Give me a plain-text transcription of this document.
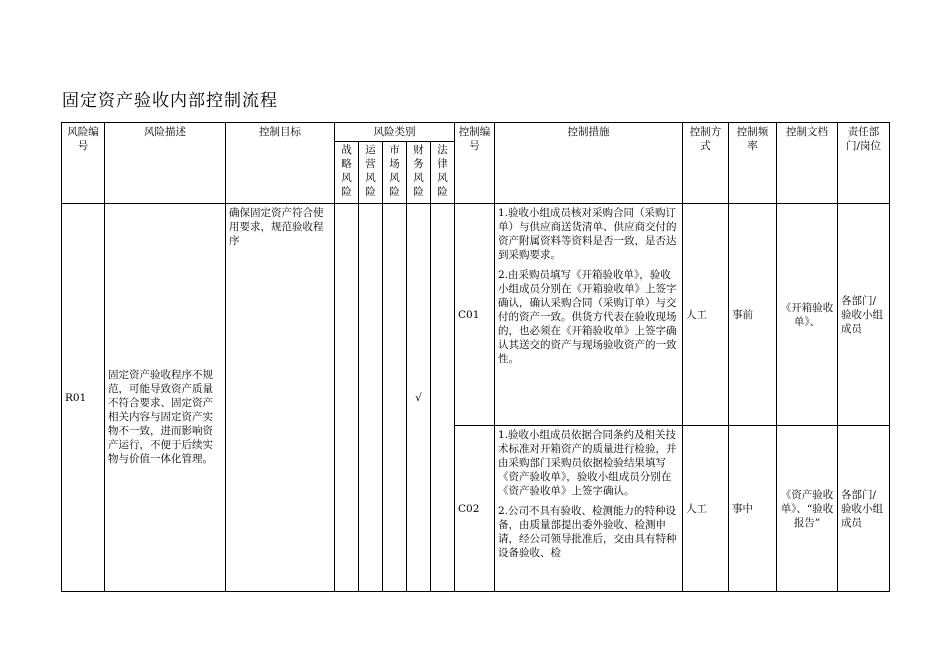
固定资产验收内部控制流程
风险编号	风险描述	控制目标	风险类别					控制编号	控制措施	控制方式	控制频率	控制文档	责任部门/岗位

			战略风险	运营风险	市场风险	财务风险	法律风险						

R01	固定资产验收程序不规范，可能导致资产质量不符合要求、固定资产相关内容与固定资产实物不一致，进而影响资产运行，不便于后续实物与价值一体化管理。	确保固定资产符合使用要求，规范验收程序				√		C01	1.验收小组成员核对采购合同（采购订单）与供应商送货清单、供应商交付的资产附属资料等资料是否一致，是否达到采购要求。

2.由采购员填写《开箱验收单》，验收小组成员分别在《开箱验收单》上签字确认，确认采购合同（采购订单）与交付的资产一致。供货方代表在验收现场的，也必须在《开箱验收单》上签字确认其送交的资产与现场验收资产的一致性。	人工	事前	《开箱验收单》、	各部门/验收小组成员
								C02	1.验收小组成员依据合同条约及相关技术标准对开箱资产的质量进行检验，并由采购部门采购员依据检验结果填写《资产验收单》，验收小组成员分别在《资产验收单》上签字确认。

2.公司不具有验收、检测能力的特种设备，由质量部提出委外验收、检测申请，经公司领导批准后，交由具有特种设备验收、检	人工	事中	《资产验收单》、“验收报告”	各部门/验收小组成员
